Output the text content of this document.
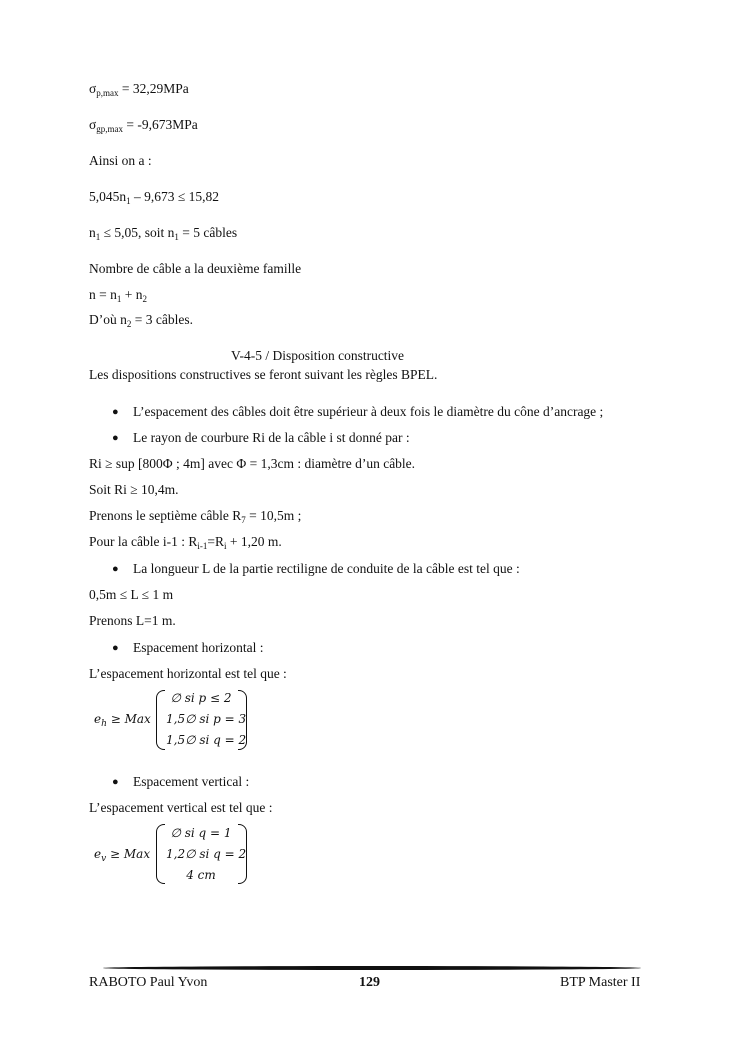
$\sigma_{p,max} = 32,29MPa$
$\sigma_{gp,max} = -9,673MPa$
Ainsi on a :
$5,045n_1 - 9,673 \le 15,82$
$n_1 \le 5,05$, soit $n_1 = 5$ câbles
Nombre de câble a la deuxième famille
$n = n_1 + n_2$
D’où $n_2 = 3$ câbles.
V-4-5 / Disposition constructive
Les dispositions constructives se feront suivant les règles BPEL.
● L’espacement des câbles doit être supérieur à deux fois le diamètre du cône d’ancrage ;
● Le rayon de courbure Ri de la câble i st donné par :
Ri ≥ sup [800Φ ; 4m] avec Φ = 1,3cm : diamètre d’un câble.
Soit Ri ≥ 10,4m.
Prenons le septième câble $R_7 = 10,5m$ ;
Pour la câble i-1 : $R_{i-1}=R_i + 1,20$ m.
● La longueur L de la partie rectiligne de conduite de la câble est tel que :
0,5m ≤ L ≤ 1 m
Prenons L=1 m.
● Espacement horizontal :
L’espacement horizontal est tel que :
$e_h$ ≥ Max
∅ si p ≤ 2
1,5∅ si p = 3
1,5∅ si q = 2
● Espacement vertical :
L’espacement vertical est tel que :
$e_v$ ≥ Max
∅ si q = 1
1,2∅ si q = 2
4 cm
RABOTO Paul Yvon	129	BTP Master II
